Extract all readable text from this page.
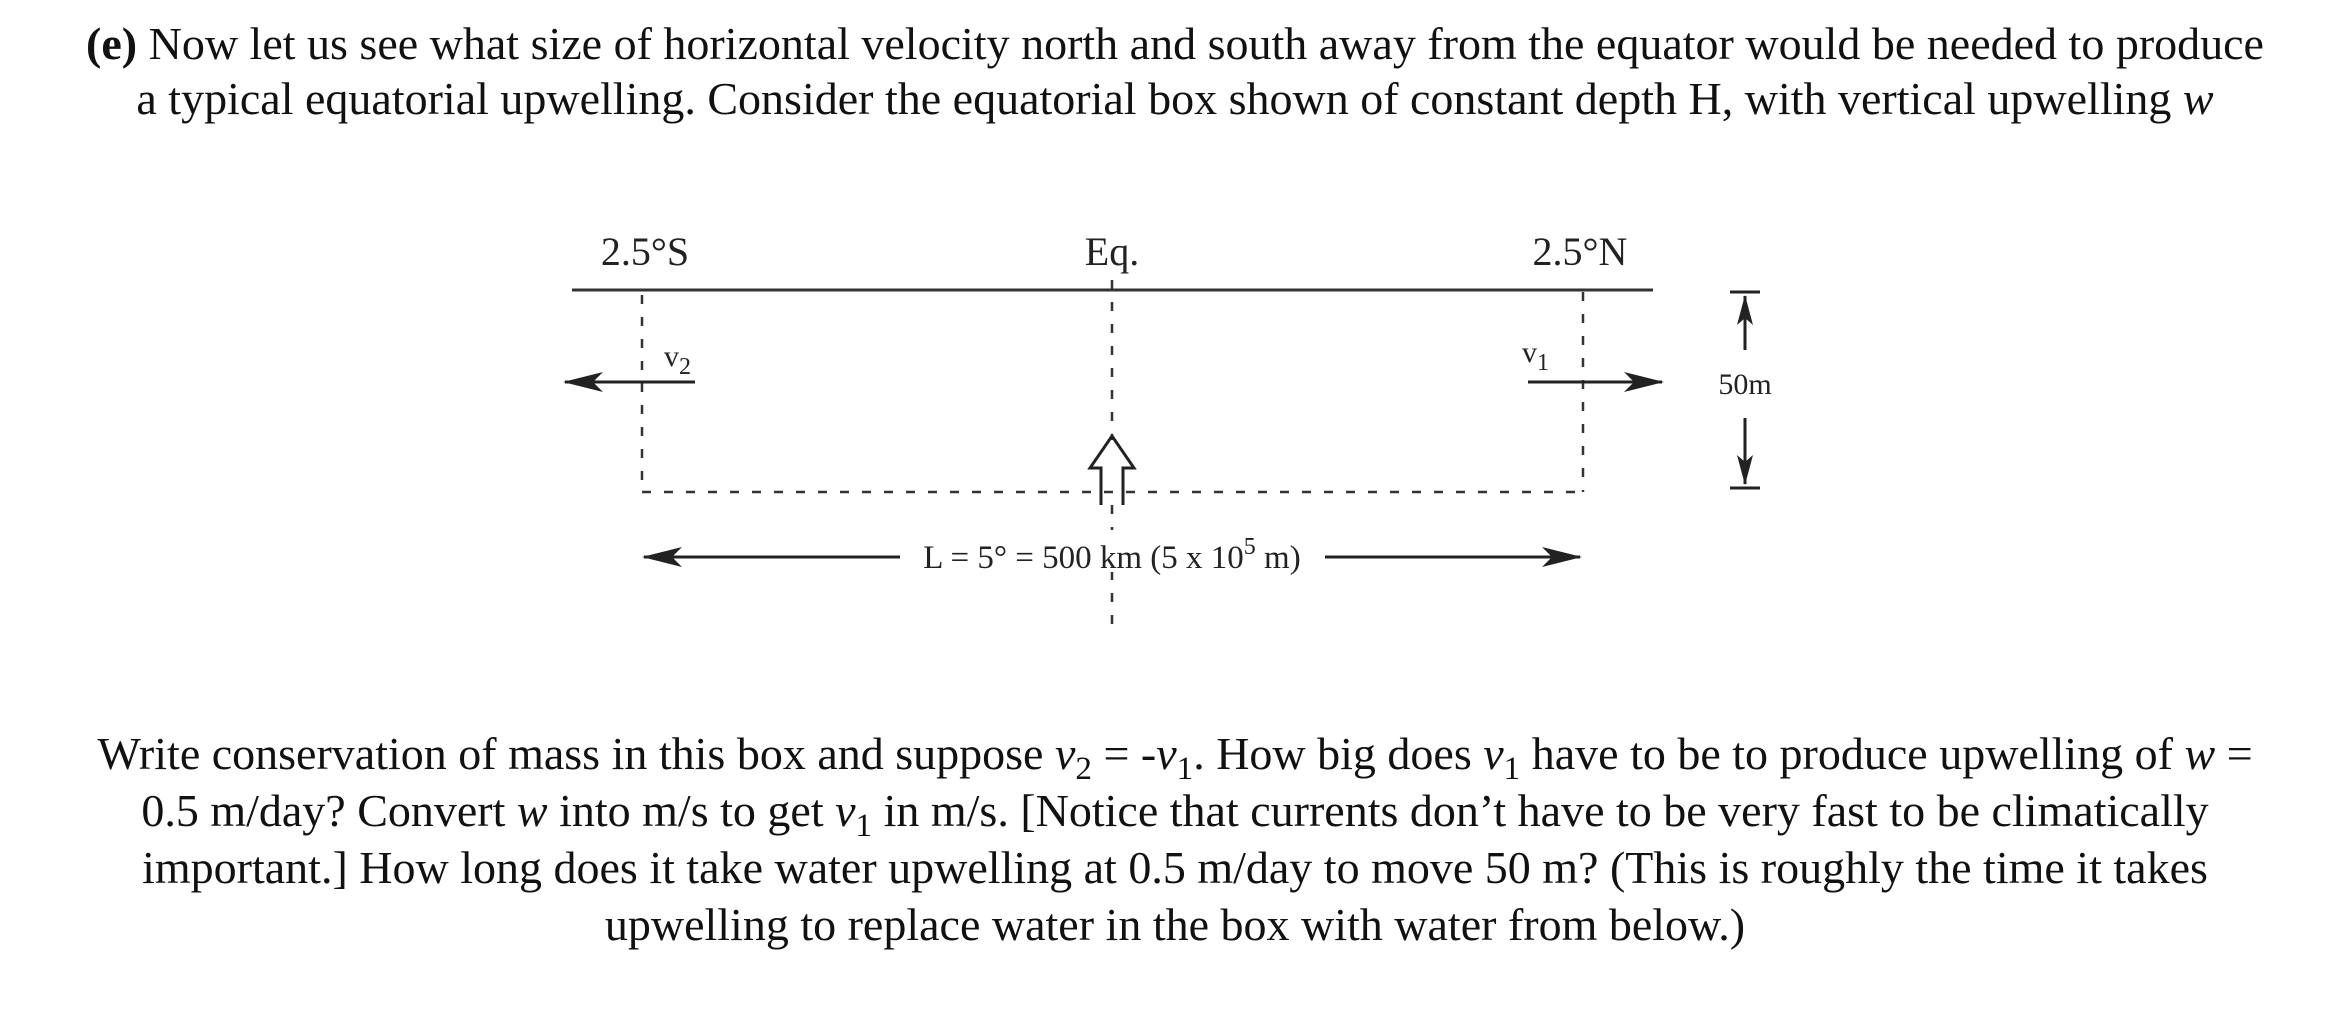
(e) Now let us see what size of horizontal velocity north and south away from the equator would be needed to produce
a typical equatorial upwelling. Consider the equatorial box shown of constant depth H, with vertical upwelling w
2.5°S	Eq.	2.5°N
$v_2$	$v_1$
50m
L = 5° = 500 km (5 x $10^5$ m)
Write conservation of mass in this box and suppose $v_2 = -v_1$. How big does $v_1$ have to be to produce upwelling of w =
0.5 m/day? Convert w into m/s to get $v_1$ in m/s. [Notice that currents don’t have to be very fast to be climatically
important.] How long does it take water upwelling at 0.5 m/day to move 50 m? (This is roughly the time it takes
upwelling to replace water in the box with water from below.)
